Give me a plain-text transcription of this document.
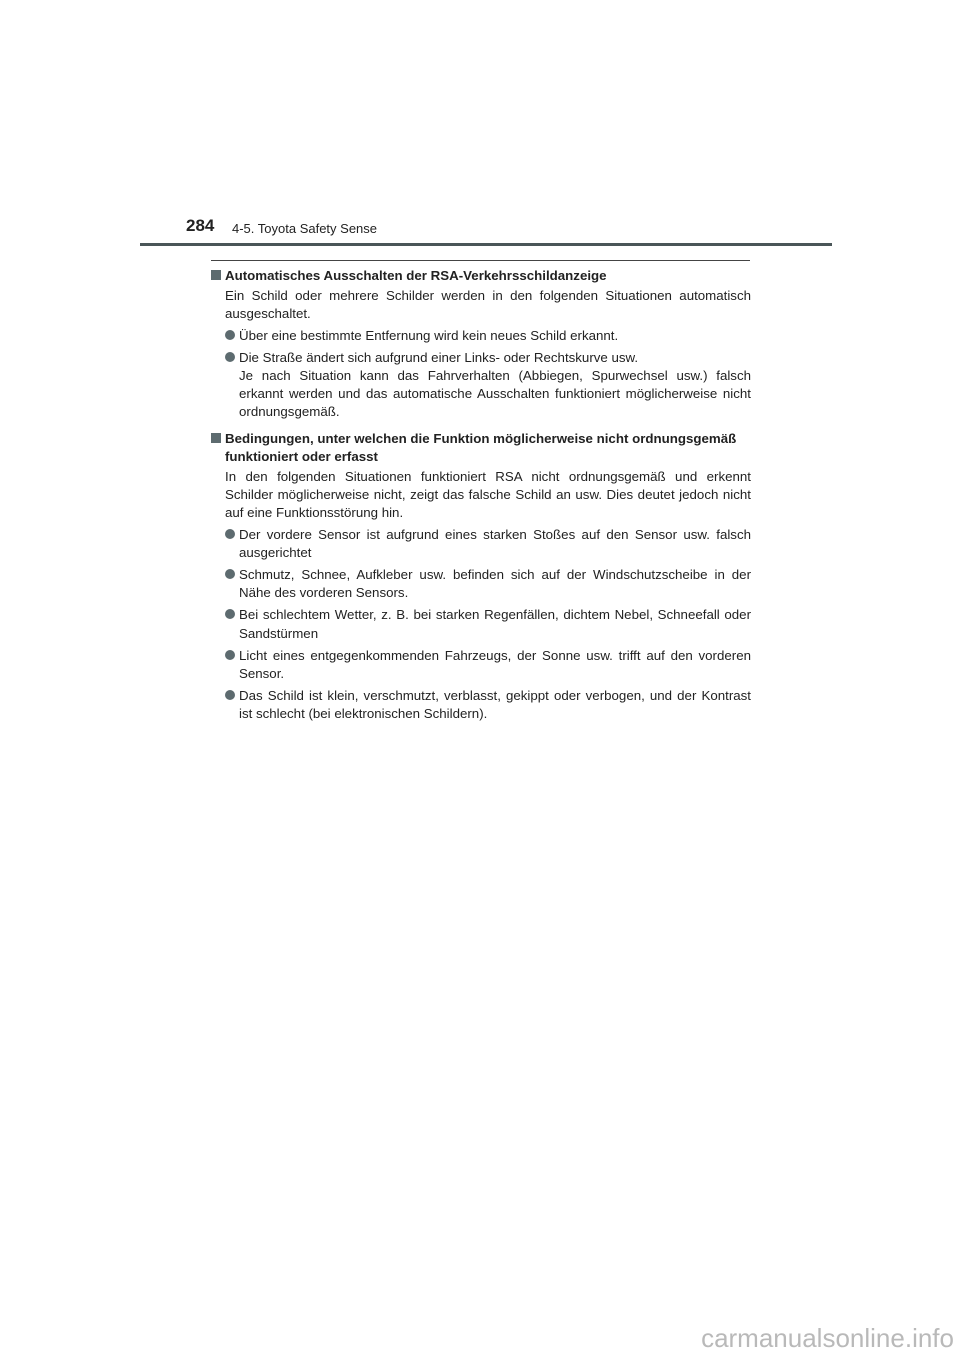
284 4-5. Toyota Safety Sense
Automatisches Ausschalten der RSA-Verkehrsschildanzeige

Ein Schild oder mehrere Schilder werden in den folgenden Situationen automatisch ausgeschaltet.

Über eine bestimmte Entfernung wird kein neues Schild erkannt.
Die Straße ändert sich aufgrund einer Links- oder Rechtskurve usw.
Je nach Situation kann das Fahrverhalten (Abbiegen, Spurwechsel usw.) falsch erkannt werden und das automatische Ausschalten funktioniert möglicherweise nicht ordnungsgemäß.
Bedingungen, unter welchen die Funktion möglicherweise nicht ordnungsgemäß funktioniert oder erfasst

In den folgenden Situationen funktioniert RSA nicht ordnungsgemäß und erkennt Schilder möglicherweise nicht, zeigt das falsche Schild an usw. Dies deutet jedoch nicht auf eine Funktionsstörung hin.

Der vordere Sensor ist aufgrund eines starken Stoßes auf den Sensor usw. falsch ausgerichtet
Schmutz, Schnee, Aufkleber usw. befinden sich auf der Windschutzscheibe in der Nähe des vorderen Sensors.
Bei schlechtem Wetter, z. B. bei starken Regenfällen, dichtem Nebel, Schneefall oder Sandstürmen
Licht eines entgegenkommenden Fahrzeugs, der Sonne usw. trifft auf den vorderen Sensor.
Das Schild ist klein, verschmutzt, verblasst, gekippt oder verbogen, und der Kontrast ist schlecht (bei elektronischen Schildern).
carmanualsonline.info
